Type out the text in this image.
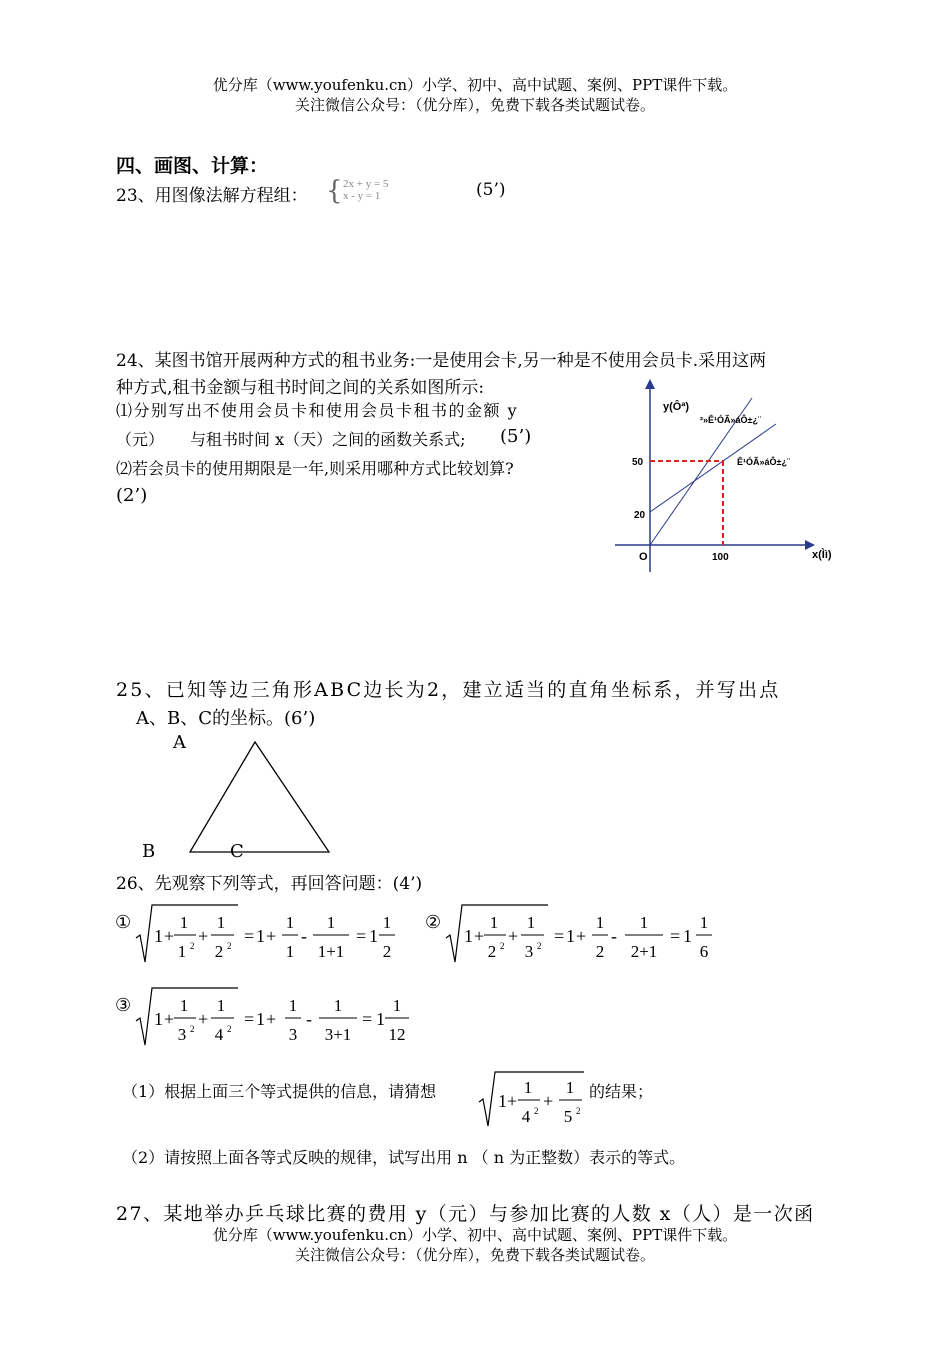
优分库（www.youfenku.cn）小学、初中、高中试题、案例、PPT课件下载。
关注微信公众号：（优分库），免费下载各类试题试卷。
四、画图、计算：
23、用图像法解方程组： { 2x + y = 5
x - y = 1	(5’)
24、某图书馆开展两种方式的租书业务:一是使用会卡,另一种是不使用会员卡.采用这两
种方式,租书金额与租书时间之间的关系如图所示:
⑴分别写出不使用会员卡和使用会员卡租书的金额 y
（元） 与租书时间 x（天）之间的函数关系式; (5’)
⑵若会员卡的使用期限是一年,则采用哪种方式比较划算?
(2’)
y(Ôª)
x(Ìì)
O
50
20
100
²»Ê¹ÓÃ»áÔ±¿¨
Ê¹ÓÃ»áÔ±¿¨
25、已知等边三角形ABC边长为2，建立适当的直角坐标系，并写出点
A、B、C的坐标。(6’)
A
B	C
26、先观察下列等式，再回答问题：(4’)
①
1 +
1
1 2 +
1
2 2 = 1 +
1
1
-
1
1+1
= 1
1
2
②
1 +
1
2 2 +
1
3 2 = 1 +
1
2
-
1
2+1
= 1
1
6
③
1 +
1
3 2 +
1
4 2 = 1 +
1
3
-
1
3+1
= 1
1
12
（1）根据上面三个等式提供的信息，请猜想	1 +
1
4 2 +
1
5 2
的结果；
（2）请按照上面各等式反映的规律，试写出用 n （ n 为正整数）表示的等式。
27、某地举办乒乓球比赛的费用 y（元）与参加比赛的人数 x（人）是一次函
优分库（www.youfenku.cn）小学、初中、高中试题、案例、PPT课件下载。
关注微信公众号：（优分库），免费下载各类试题试卷。
